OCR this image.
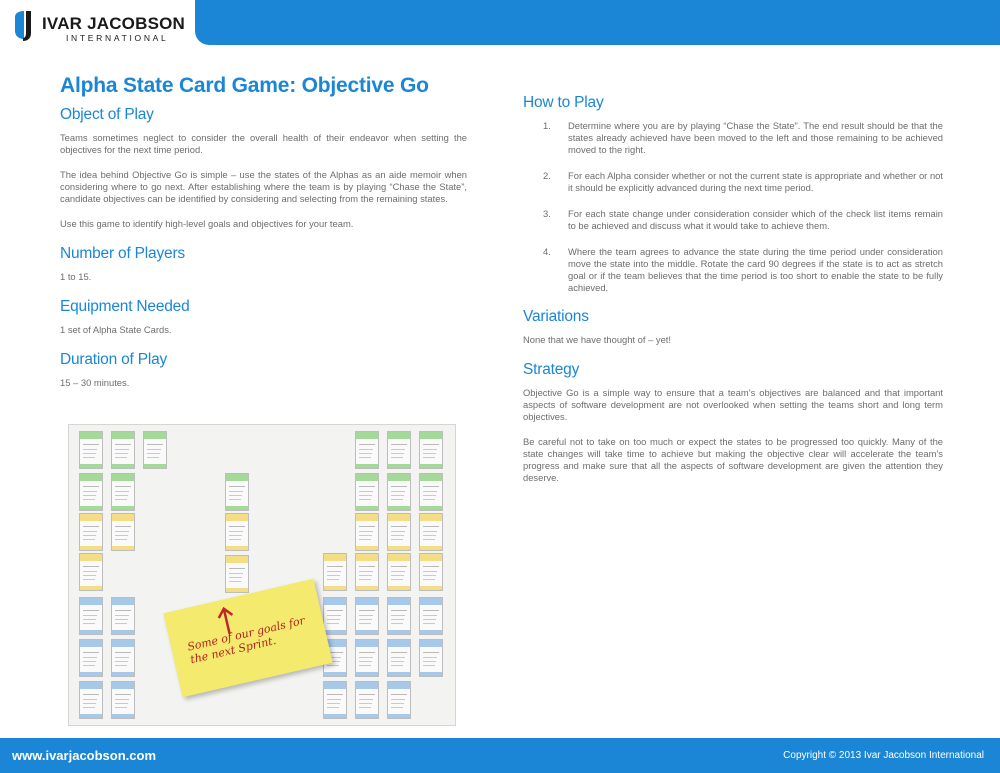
IVAR JACOBSON
INTERNATIONAL
Alpha State Card Game: Objective Go
Object of Play
Teams sometimes neglect to consider the overall health of their endeavor when setting the objectives for the next time period.
The idea behind Objective Go is simple – use the states of the Alphas as an aide memoir when considering where to go next. After establishing where the team is by playing “Chase the State”, candidate objectives can be identified by considering and selecting from the remaining states.
Use this game to identify high-level goals and objectives for your team.
Number of Players
1 to 15.
Equipment Needed
1 set of Alpha State Cards.
Duration of Play
15 – 30 minutes.
How to Play
1. Determine where you are by playing “Chase the State”. The end result should be that the states already achieved have been moved to the left and those remaining to be achieved moved to the right.
2. For each Alpha consider whether or not the current state is appropriate and whether or not it should be explicitly advanced during the next time period.
3. For each state change under consideration consider which of the check list items remain to be achieved and discuss what it would take to achieve them.
4. Where the team agrees to advance the state during the time period under consideration move the state into the middle. Rotate the card 90 degrees if the state is to act as stretch goal or if the team believes that the time period is too short to enable the state to be fully achieved.
Variations
None that we have thought of – yet!
Strategy
Objective Go is a simple way to ensure that a team’s objectives are balanced and that important aspects of software development are not overlooked when setting the teams short and long term objectives.
Be careful not to take on too much or expect the states to be progressed too quickly. Many of the state changes will take time to achieve but making the objective clear will accelerate the team’s progress and make sure that all the aspects of software development are given the attention they deserve.
Some of our goals for the next Sprint.
www.ivarjacobson.com	Copyright © 2013 Ivar Jacobson International
